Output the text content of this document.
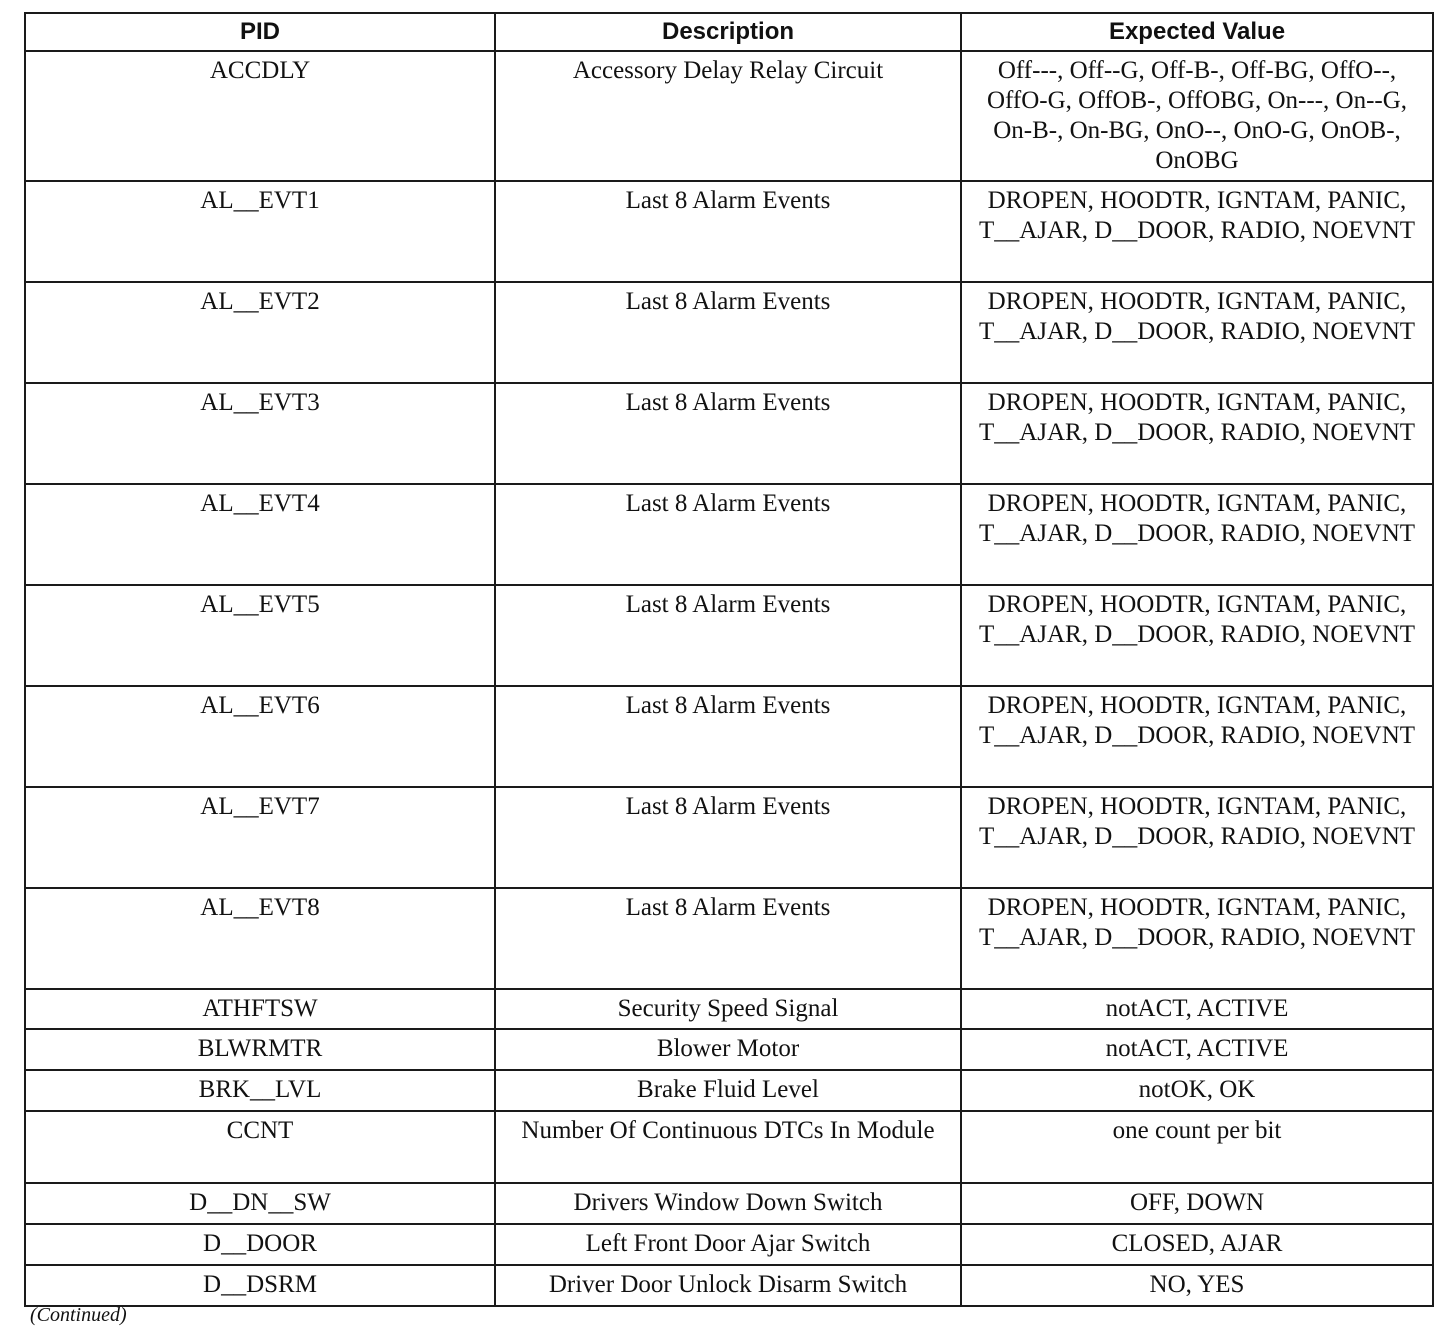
PID	Description	Expected Value
ACCDLY	Accessory Delay Relay Circuit	Off---, Off--G, Off-B-, Off-BG, OffO--, OffO-G, OffOB-, OffOBG, On---, On--G, On-B-, On-BG, OnO--, OnO-G, OnOB-, OnOBG
AL__EVT1	Last 8 Alarm Events	DROPEN, HOODTR, IGNTAM, PANIC, T__AJAR, D__DOOR, RADIO, NOEVNT
AL__EVT2	Last 8 Alarm Events	DROPEN, HOODTR, IGNTAM, PANIC, T__AJAR, D__DOOR, RADIO, NOEVNT
AL__EVT3	Last 8 Alarm Events	DROPEN, HOODTR, IGNTAM, PANIC, T__AJAR, D__DOOR, RADIO, NOEVNT
AL__EVT4	Last 8 Alarm Events	DROPEN, HOODTR, IGNTAM, PANIC, T__AJAR, D__DOOR, RADIO, NOEVNT
AL__EVT5	Last 8 Alarm Events	DROPEN, HOODTR, IGNTAM, PANIC, T__AJAR, D__DOOR, RADIO, NOEVNT
AL__EVT6	Last 8 Alarm Events	DROPEN, HOODTR, IGNTAM, PANIC, T__AJAR, D__DOOR, RADIO, NOEVNT
AL__EVT7	Last 8 Alarm Events	DROPEN, HOODTR, IGNTAM, PANIC, T__AJAR, D__DOOR, RADIO, NOEVNT
AL__EVT8	Last 8 Alarm Events	DROPEN, HOODTR, IGNTAM, PANIC, T__AJAR, D__DOOR, RADIO, NOEVNT
ATHFTSW	Security Speed Signal	notACT, ACTIVE
BLWRMTR	Blower Motor	notACT, ACTIVE
BRK__LVL	Brake Fluid Level	notOK, OK
CCNT	Number Of Continuous DTCs In Module	one count per bit
D__DN__SW	Drivers Window Down Switch	OFF, DOWN
D__DOOR	Left Front Door Ajar Switch	CLOSED, AJAR
D__DSRM	Driver Door Unlock Disarm Switch	NO, YES
(Continued)
